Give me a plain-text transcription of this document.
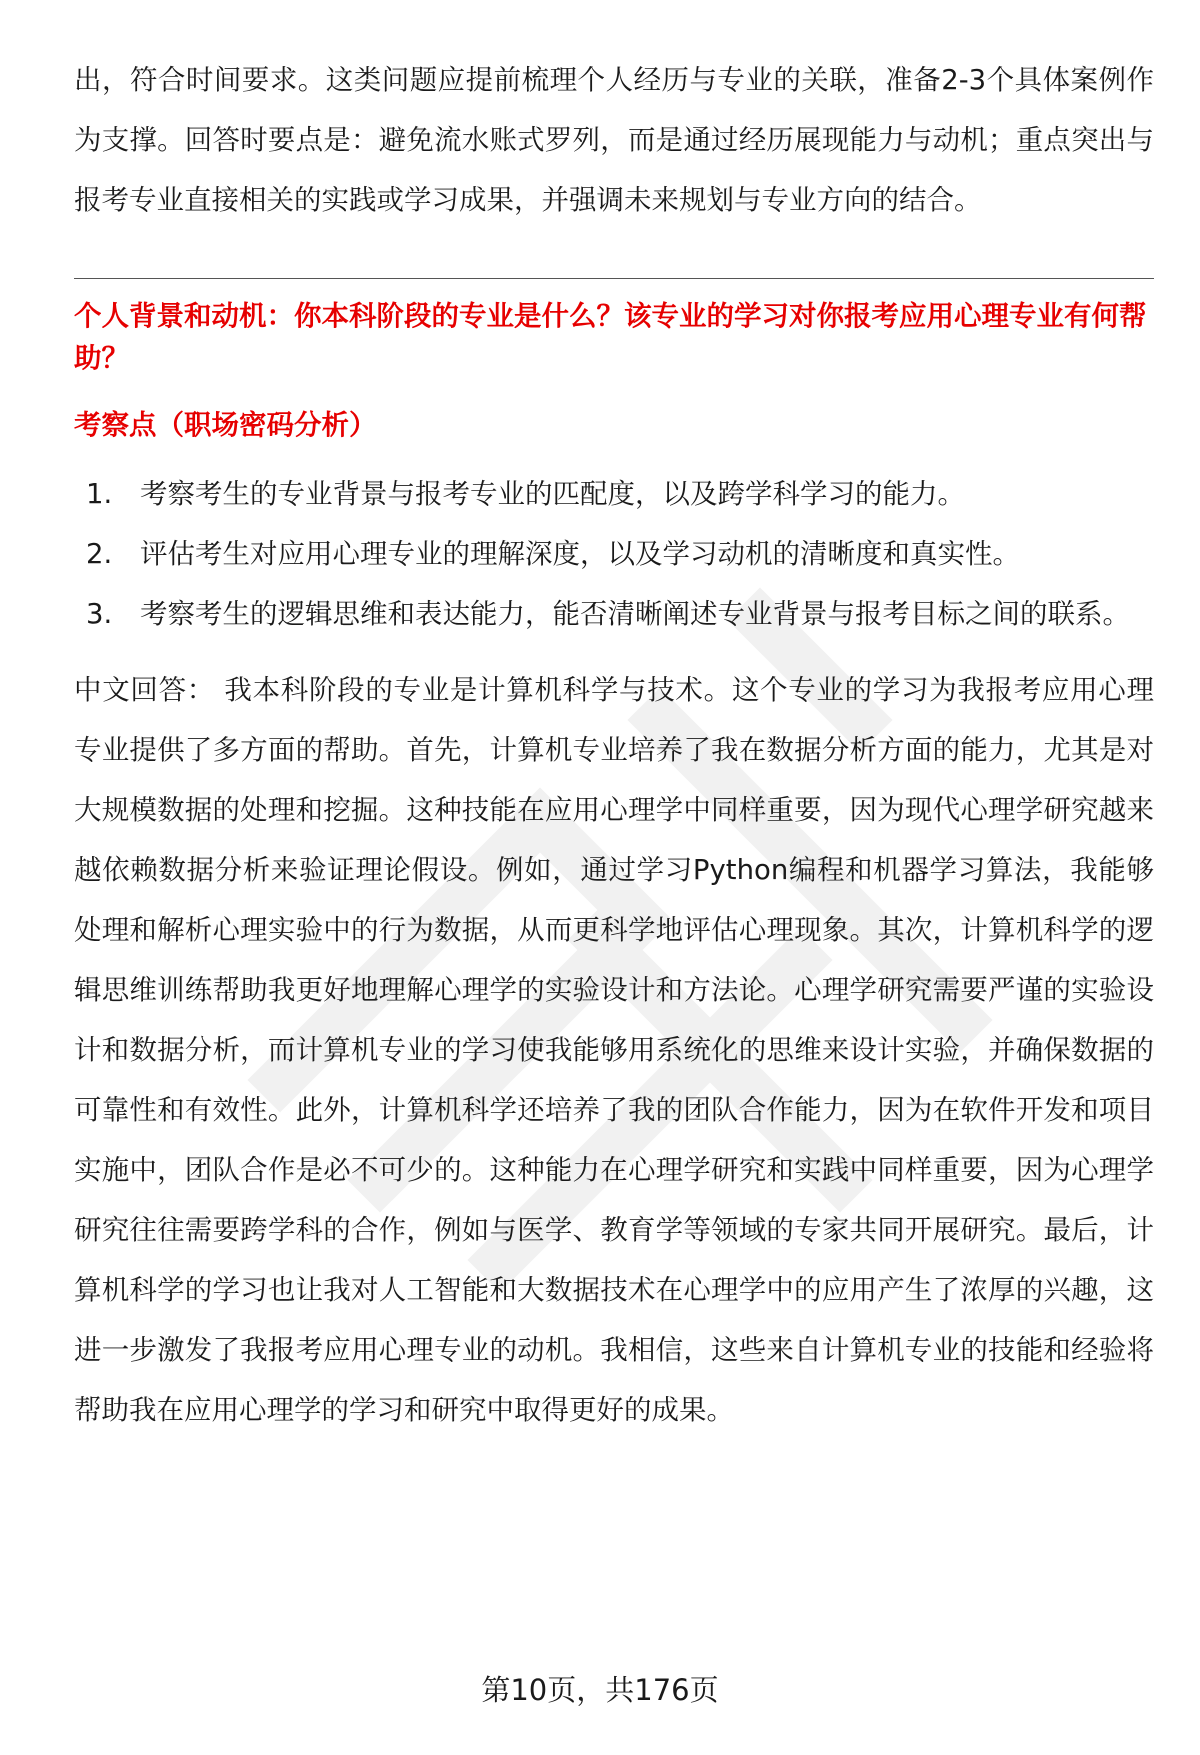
出，符合时间要求。这类问题应提前梳理个人经历与专业的关联，准备2-3个具体案例作为支撑。回答时要点是：避免流水账式罗列，而是通过经历展现能力与动机；重点突出与报考专业直接相关的实践或学习成果，并强调未来规划与专业方向的结合。

个人背景和动机：你本科阶段的专业是什么？该专业的学习对你报考应用心理专业有何帮助？

考察点（职场密码分析）

1.	考察考生的专业背景与报考专业的匹配度，以及跨学科学习的能力。
2.	评估考生对应用心理专业的理解深度，以及学习动机的清晰度和真实性。
3.	考察考生的逻辑思维和表达能力，能否清晰阐述专业背景与报考目标之间的联系。

中文回答： 我本科阶段的专业是计算机科学与技术。这个专业的学习为我报考应用心理专业提供了多方面的帮助。首先，计算机专业培养了我在数据分析方面的能力，尤其是对大规模数据的处理和挖掘。这种技能在应用心理学中同样重要，因为现代心理学研究越来越依赖数据分析来验证理论假设。例如，通过学习Python编程和机器学习算法，我能够处理和解析心理实验中的行为数据，从而更科学地评估心理现象。其次，计算机科学的逻辑思维训练帮助我更好地理解心理学的实验设计和方法论。心理学研究需要严谨的实验设计和数据分析，而计算机专业的学习使我能够用系统化的思维来设计实验，并确保数据的可靠性和有效性。此外，计算机科学还培养了我的团队合作能力，因为在软件开发和项目实施中，团队合作是必不可少的。这种能力在心理学研究和实践中同样重要，因为心理学研究往往需要跨学科的合作，例如与医学、教育学等领域的专家共同开展研究。最后，计算机科学的学习也让我对人工智能和大数据技术在心理学中的应用产生了浓厚的兴趣，这进一步激发了我报考应用心理专业的动机。我相信，这些来自计算机专业的技能和经验将帮助我在应用心理学的学习和研究中取得更好的成果。

第10页，共176页
